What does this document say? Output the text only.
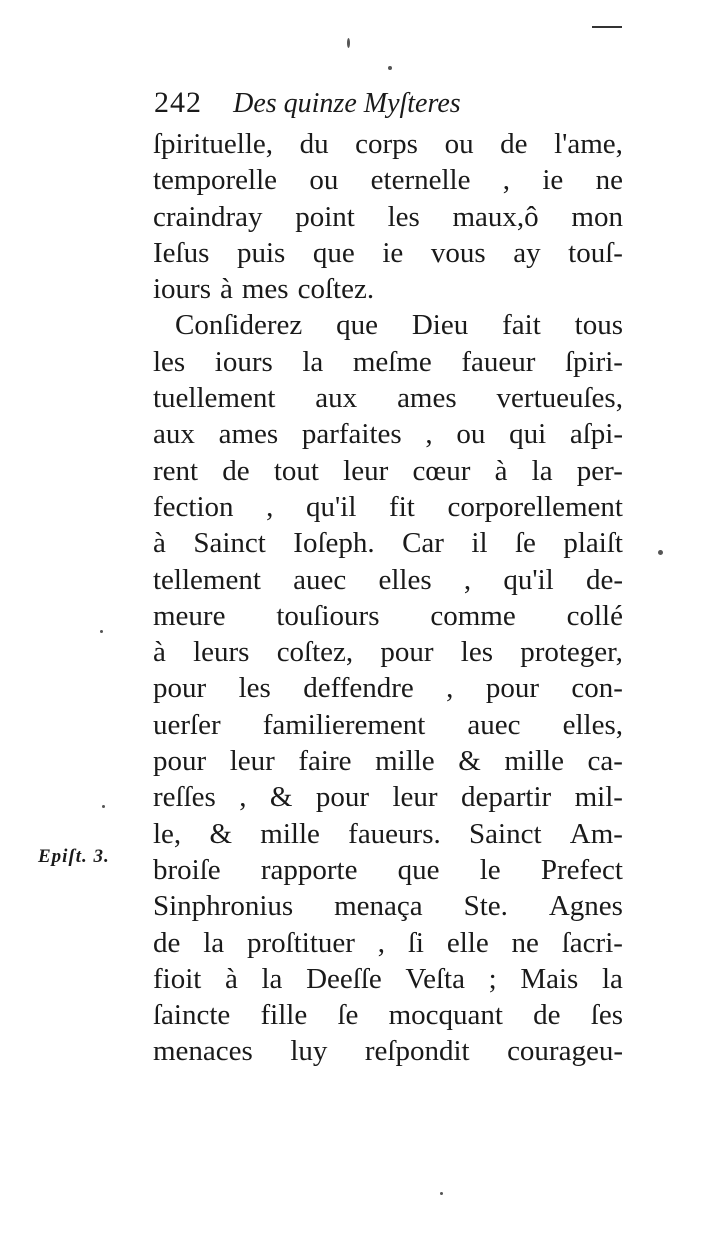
242 Des quinze Myſteres
Epiſt. 3.
ſpirituelle, du corps ou de l'ame,
temporelle ou eternelle , ie ne
craindray point les maux,ô mon
Ieſus puis que ie vous ay touſ-
iours à mes coſtez.
Conſiderez que Dieu fait tous
les iours la meſme faueur ſpiri-
tuellement aux ames vertueuſes,
aux ames parfaites , ou qui aſpi-
rent de tout leur cœur à la per-
fection , qu'il fit corporellement
à Sainct Ioſeph. Car il ſe plaiſt
tellement auec elles , qu'il de-
meure touſiours comme collé
à leurs coſtez, pour les proteger,
pour les deffendre , pour con-
uerſer familierement auec elles,
pour leur faire mille & mille ca-
reſſes , & pour leur departir mil-
le, & mille faueurs. Sainct Am-
broiſe rapporte que le Prefect
Sinphronius menaça Ste. Agnes
de la proſtituer , ſi elle ne ſacri-
fioit à la Deeſſe Veſta ; Mais la
ſaincte fille ſe mocquant de ſes
menaces luy reſpondit courageu-
